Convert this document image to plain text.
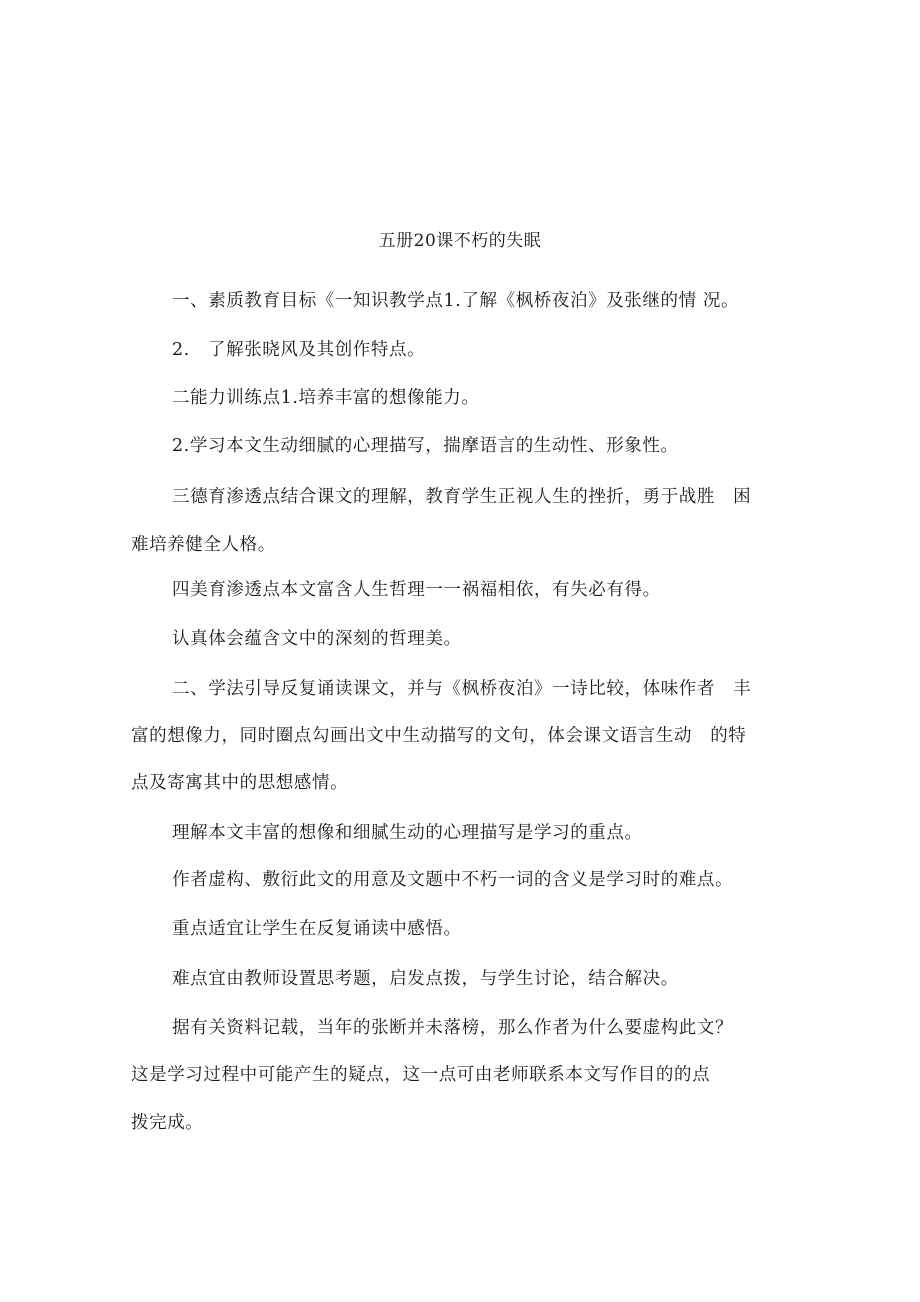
五册20课不朽的失眠
一、素质教育目标《一知识教学点1.了解《枫桥夜泊》及张继的情 况。
2.　了解张晓风及其创作特点。
二能力训练点1.培养丰富的想像能力。
2.学习本文生动细腻的心理描写，揣摩语言的生动性、形象性。
三德育渗透点结合课文的理解，教育学生正视人生的挫折，勇于战胜　困
难培养健全人格。
四美育渗透点本文富含人生哲理一一祸福相依，有失必有得。
认真体会蕴含文中的深刻的哲理美。
二、学法引导反复诵读课文，并与《枫桥夜泊》一诗比较，体味作者　丰
富的想像力，同时圈点勾画出文中生动描写的文句，体会课文语言生动　的特
点及寄寓其中的思想感情。
理解本文丰富的想像和细腻生动的心理描写是学习的重点。
作者虚构、敷衍此文的用意及文题中不朽一词的含义是学习时的难点。
重点适宜让学生在反复诵读中感悟。
难点宜由教师设置思考题，启发点拨，与学生讨论，结合解决。
据有关资料记载，当年的张断并未落榜，那么作者为什么要虚构此文？
这是学习过程中可能产生的疑点，这一点可由老师联系本文写作目的的点
拨完成。
